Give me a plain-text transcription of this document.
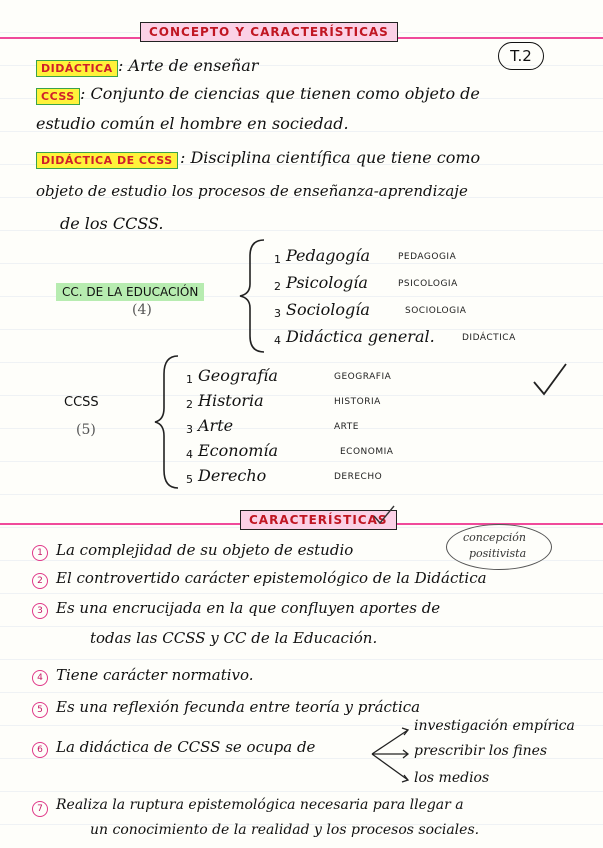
CONCEPTO Y CARACTERÍSTICAS
T.2
DIDÁCTICA : Arte de enseñar
CCSS : Conjunto de ciencias que tienen como objeto de
estudio común el hombre en sociedad.
DIDÁCTICA DE CCSS : Disciplina científica que tiene como
objeto de estudio los procesos de enseñanza-aprendizaje
de los CCSS.
CC. DE LA EDUCACIÓN
(4)
1 Pedagogía	PEDAGOGIA
2 Psicología	PSICOLOGIA
3 Sociología	SOCIOLOGIA
4 Didáctica general.	DIDÁCTICA
CCSS
(5)
1 Geografía	GEOGRAFIA
2 Historia	HISTORIA
3 Arte	ARTE
4 Economía	ECONOMIA
5 Derecho	DERECHO
CARACTERÍSTICAS
concepción
positivista
1 La complejidad de su objeto de estudio
2 El controvertido carácter epistemológico de la Didáctica
3 Es una encrucijada en la que confluyen aportes de
todas las CCSS y CC de la Educación.
4 Tiene carácter normativo.
5 Es una reflexión fecunda entre teoría y práctica
6 La didáctica de CCSS se ocupa de
investigación empírica
prescribir los fines
los medios
7 Realiza la ruptura epistemológica necesaria para llegar a
un conocimiento de la realidad y los procesos sociales.
